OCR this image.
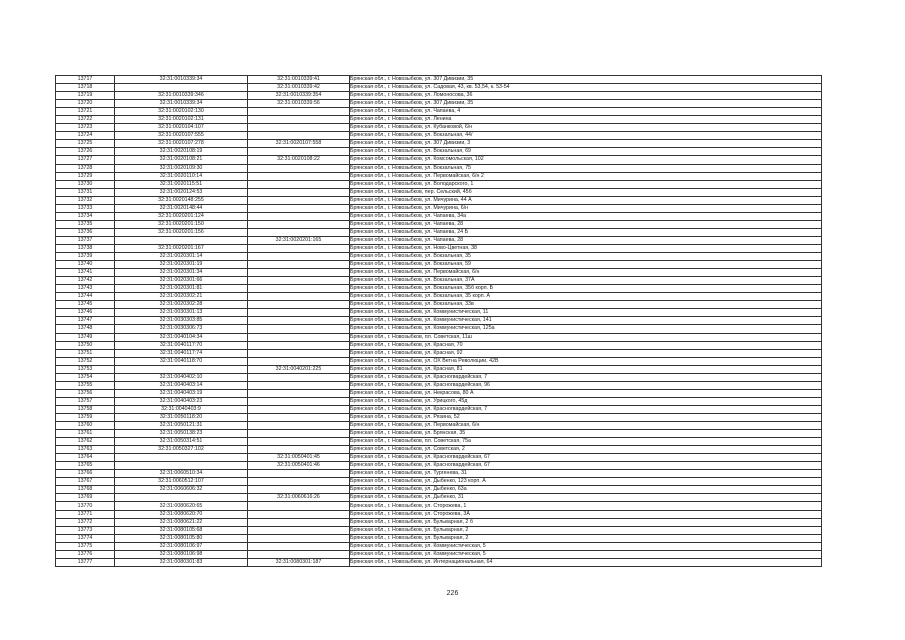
13717	32:31:0010339:34	32:31:0010339:41	Брянская обл., г. Новозыбков, ул. 307 Дивизии, 35
13718		32:31:0010339:42	Брянская обл., г. Новозыбков, ул. Садовая, 43, кв. 53,54, к. 53-54
13719	32:31:0010339:346	32:31:0010339:354	Брянская обл., г. Новозыбков, ул. Ломоносова, 36
13720	32:31:0010339:34	32:31:0010339:56	Брянская обл., г. Новозыбков, ул. 307 Дивизии, 35
13721	32:31:0020102:130		Брянская обл., г. Новозыбков, ул. Чапаева, 4
13722	32:31:0020102:131		Брянская обл., г. Новозыбков, ул. Ленина
13723	32:31:0020104:107		Брянская обл., г. Новозыбков, ул. Кубанковой, 6/н
13724	32:31:0020107:555		Брянская обл., г. Новозыбков, ул. Вокзальная, 44/
13725	32:31:0020107:278	32:31:0020107:558	Брянская обл., г. Новозыбков, ул. 307 Дивизии, 3
13726	32:31:0020108:19		Брянская обл., г. Новозыбков, ул. Вокзальная, 69
13727	32:31:0020108:21	32:31:0020108:22	Брянская обл., г. Новозыбков, ул. Комсомольская, 102
13728	32:31:0020109:30		Брянская обл., г. Новозыбков, ул. Вокзальная, 75
13729	32:31:0020110:14		Брянская обл., г. Новозыбков, ул. Первомайская, 6/н 2
13730	32:31:0020115:51		Брянская обл., г. Новозыбков, ул. Володарского, 1
13731	32:31:0020124:53		Брянская обл., г. Новозыбков, пер. Сельский, 45б
13732	32:31:0020148:255		Брянская обл., г. Новозыбков, ул. Мичурина, 44 А
13733	32:31:0020148:44		Брянская обл., г. Новозыбков, ул. Мичурина, 6/н
13734	32:31:0020201:124		Брянская обл., г. Новозыбков, ул. Чапаева, 34а
13735	32:31:0020201:150		Брянская обл., г. Новозыбков, ул. Чапаева, 28
13736	32:31:0020201:156		Брянская обл., г. Новозыбков, ул. Чапаева, 24 Б
13737		32:31:0020201:165	Брянская обл., г. Новозыбков, ул. Чапаева, 28
13738	32:31:0020201:167		Брянская обл., г. Новозыбков, ул. Ново-Цветная, 38
13739	32:31:0020301:14		Брянская обл., г. Новозыбков, ул. Вокзальная, 35
13740	32:31:0020301:19		Брянская обл., г. Новозыбков, ул. Вокзальная, 59
13741	32:31:0020301:34		Брянская обл., г. Новозыбков, ул. Первомайская, 6/н
13742	32:31:0020301:66		Брянская обл., г. Новозыбков, ул. Вокзальная, 37А
13743	32:31:0020301:81		Брянская обл., г. Новозыбков, ул. Вокзальная, 35б корп. Б
13744	32:31:0020302:21		Брянская обл., г. Новозыбков, ул. Вокзальная, 35 корп. А
13745	32:31:0020302:28		Брянская обл., г. Новозыбков, ул. Вокзальная, 33в
13746	32:31:0030301:13		Брянская обл., г. Новозыбков, ул. Коммунистическая, 11
13747	32:31:0030303:85		Брянская обл., г. Новозыбков, ул. Коммунистическая, 141
13748	32:31:0030306:73		Брянская обл., г. Новозыбков, ул. Коммунистическая, 125а
13749	32:31:0040104:34		Брянская обл., г. Новозыбков, пл. Советская, 11ш
13750	32:31:0040117:70		Брянская обл., г. Новозыбков, ул. Красная, 70
13751	32:31:0040117:74		Брянская обл., г. Новозыбков, ул. Красная, 92
13752	32:31:0040118:70		Брянская обл., г. Новозыбков, ул. ОХ Ветна Революции, 42В
13753		32:31:0040201:225	Брянская обл., г. Новозыбков, ул. Красная, 81
13754	32:31:0040402:10		Брянская обл., г. Новозыбков, ул. Красногвардейская, 7
13755	32:31:0040403:14		Брянская обл., г. Новозыбков, ул. Красногвардейская, 96
13756	32:31:0040403:19		Брянская обл., г. Новозыбков, ул. Некрасова, 80 А
13757	32:31:0040403:23		Брянская обл., г. Новозыбков, ул. Урицкого, 45д
13758	32:31:0040403:9		Брянская обл., г. Новозыбков, ул. Красногвардейская, 7
13759	32:31:0050118:20		Брянская обл., г. Новозыбков, ул. Рязина, 52
13760	32:31:0050121:31		Брянская обл., г. Новозыбков, ул. Первомайская, 6/н
13761	32:31:0050138:23		Брянская обл., г. Новозыбков, ул. Брянская, 35
13762	32:31:0050314:51		Брянская обл., г. Новозыбков, пл. Советская, 75а
13763	32:31:0050327:102		Брянская обл., г. Новозыбков, ул. Советская, 2
13764		32:31:0050401:45	Брянская обл., г. Новозыбков, ул. Красногвардейская, 67
13765		32:31:0050401:46	Брянская обл., г. Новозыбков, ул. Красногвардейская, 67
13766	32:31:0060510:34		Брянская обл., г. Новозыбков, ул. Тургенева, 31
13767	32:31:0060512:107		Брянская обл., г. Новозыбков, ул. Дыбенко, 123 корп. А
13768	32:31:0060606:32		Брянская обл., г. Новозыбков, ул. Дыбенко, 63а
13769		32:31:0060616:26	Брянская обл., г. Новозыбков, ул. Дыбенко, 31
13770	32:31:0080620:65		Брянская обл., г. Новозыбков, ул. Сторожева, 1
13771	32:31:0080620:70		Брянская обл., г. Новозыбков, ул. Сторожева, 3А
13772	32:31:0080621:22		Брянская обл., г. Новозыбков, ул. Бульварная, 2 б
13773	32:31:0080105:68		Брянская обл., г. Новозыбков, ул. Бульварная, 2
13774	32:31:0080105:80		Брянская обл., г. Новозыбков, ул. Бульварная, 2
13775	32:31:0080106:97		Брянская обл., г. Новозыбков, ул. Коммунистическая, 5
13776	32:31:0080106:98		Брянская обл., г. Новозыбков, ул. Коммунистическая, 5
13777	32:31:0080301:83	32:31:0080301:187	Брянская обл., г. Новозыбков, ул. Интернациональная, 64
226
